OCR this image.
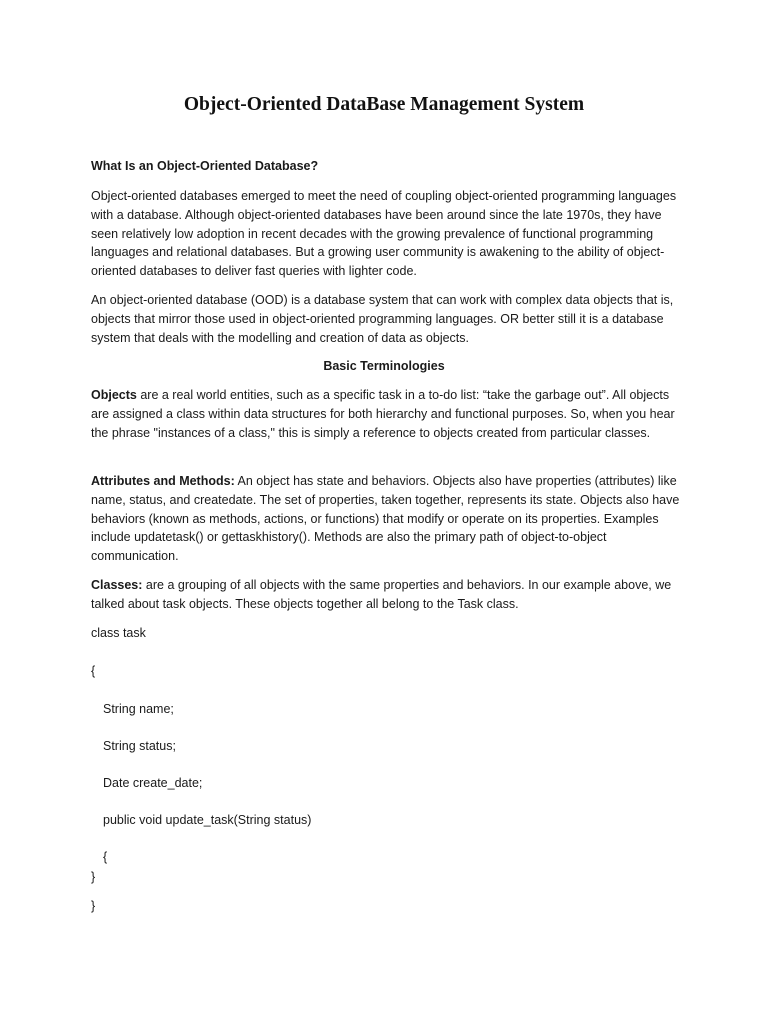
Object-Oriented DataBase Management System
What Is an Object-Oriented Database?

Object-oriented databases emerged to meet the need of coupling object-oriented programming languages with a database. Although object-oriented databases have been around since the late 1970s, they have seen relatively low adoption in recent decades with the growing prevalence of functional programming languages and relational databases. But a growing user community is awakening to the ability of object-oriented databases to deliver fast queries with lighter code.

An object-oriented database (OOD) is a database system that can work with complex data objects that is, objects that mirror those used in object-oriented programming languages. OR better still it is a database system that deals with the modelling and creation of data as objects.

Basic Terminologies

Objects are a real world entities, such as a specific task in a to-do list: “take the garbage out”. All objects are assigned a class within data structures for both hierarchy and functional purposes. So, when you hear the phrase "instances of a class," this is simply a reference to objects created from particular classes.

Attributes and Methods: An object has state and behaviors. Objects also have properties (attributes) like name, status, and createdate. The set of properties, taken together, represents its state. Objects also have behaviors (known as methods, actions, or functions) that modify or operate on its properties. Examples include updatetask() or gettaskhistory(). Methods are also the primary path of object-to-object communication.

Classes: are a grouping of all objects with the same properties and behaviors. In our example above, we talked about task objects. These objects together all belong to the Task class.

class task
{
String name;
String status;
Date create_date;
public void update_task(String status)
{
}
}
